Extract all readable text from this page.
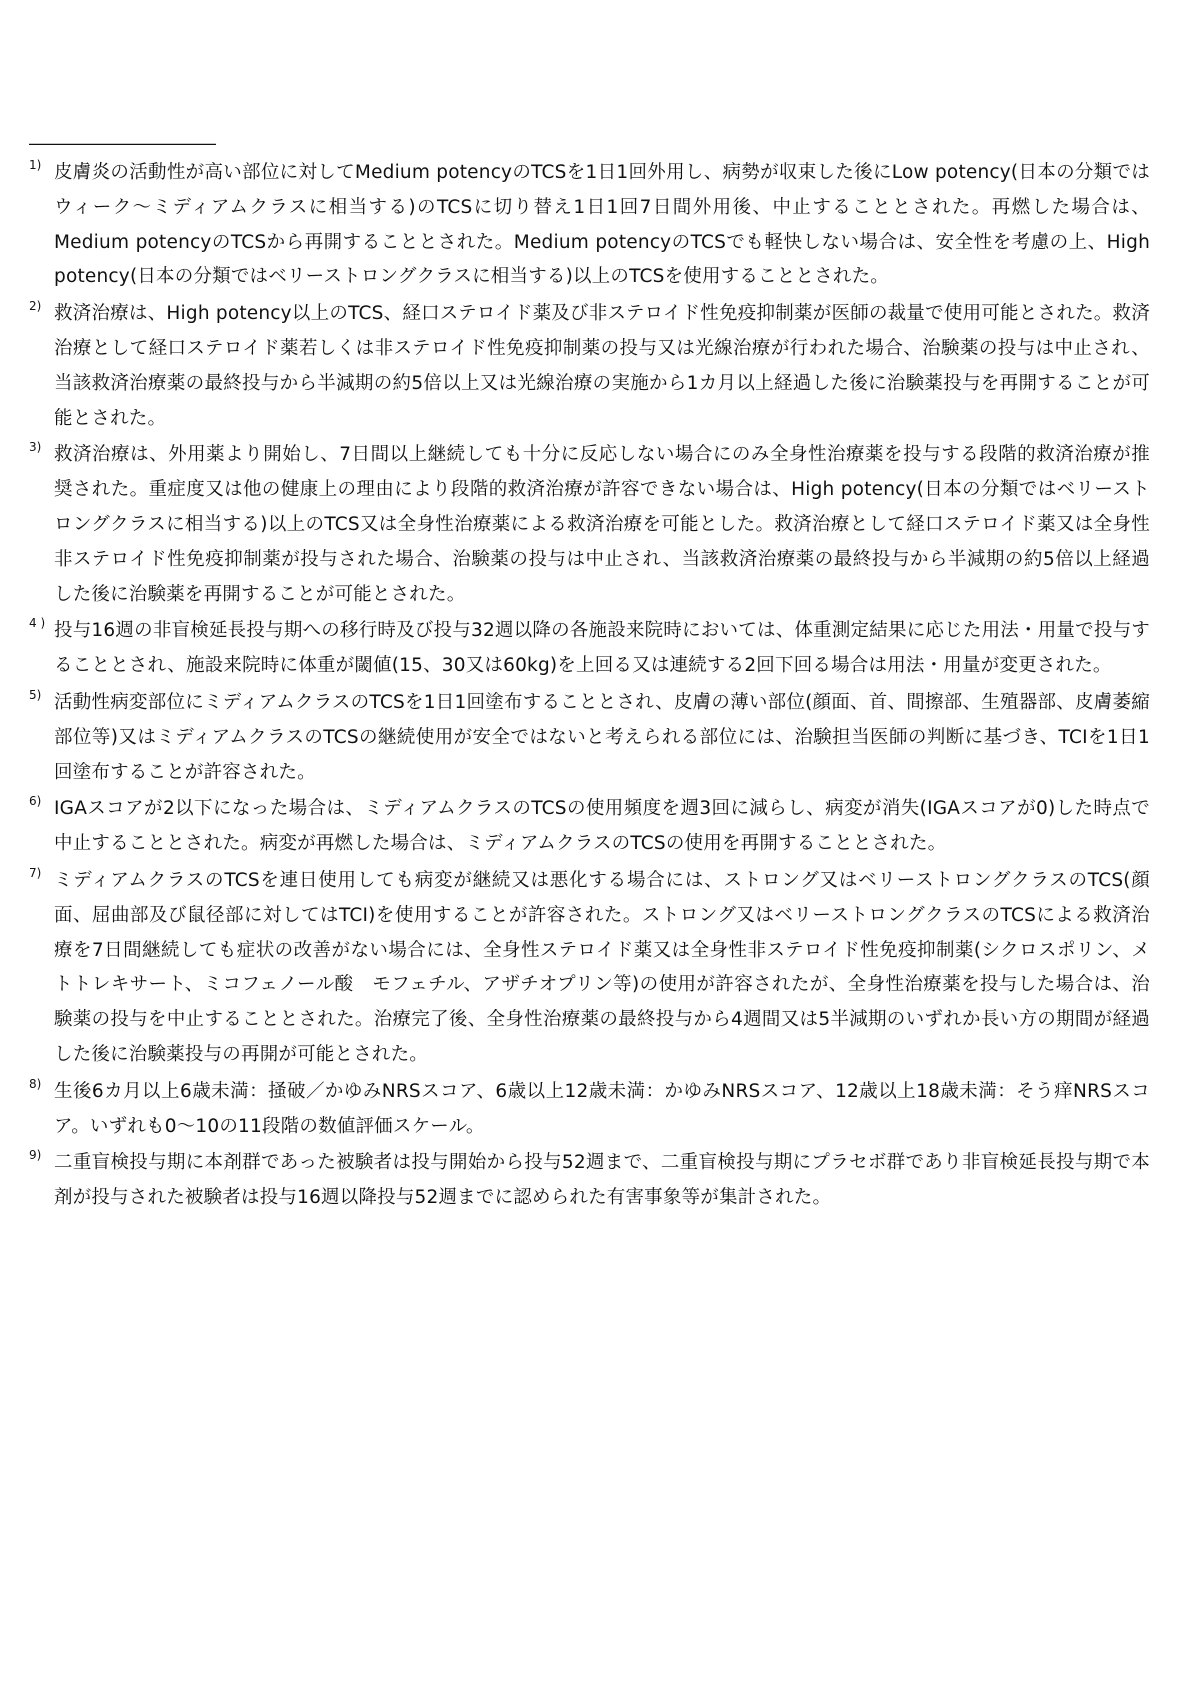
―――――――――――
1) 皮膚炎の活動性が高い部位に対してMedium potencyのTCSを1日1回外用し、病勢が収束した後にLow potency(日本の分類ではウィーク～ミディアムクラスに相当する)のTCSに切り替え1日1回7日間外用後、中止することとされた。再燃した場合は、Medium potencyのTCSから再開することとされた。Medium potencyのTCSでも軽快しない場合は、安全性を考慮の上、High potency(日本の分類ではベリーストロングクラスに相当する)以上のTCSを使用することとされた。
2) 救済治療は、High potency以上のTCS、経口ステロイド薬及び非ステロイド性免疫抑制薬が医師の裁量で使用可能とされた。救済治療として経口ステロイド薬若しくは非ステロイド性免疫抑制薬の投与又は光線治療が行われた場合、治験薬の投与は中止され、当該救済治療薬の最終投与から半減期の約5倍以上又は光線治療の実施から1カ月以上経過した後に治験薬投与を再開することが可能とされた。
3) 救済治療は、外用薬より開始し、7日間以上継続しても十分に反応しない場合にのみ全身性治療薬を投与する段階的救済治療が推奨された。重症度又は他の健康上の理由により段階的救済治療が許容できない場合は、High potency(日本の分類ではベリーストロングクラスに相当する)以上のTCS又は全身性治療薬による救済治療を可能とした。救済治療として経口ステロイド薬又は全身性非ステロイド性免疫抑制薬が投与された場合、治験薬の投与は中止され、当該救済治療薬の最終投与から半減期の約5倍以上経過した後に治験薬を再開することが可能とされた。
4 ) 投与16週の非盲検延長投与期への移行時及び投与32週以降の各施設来院時においては、体重測定結果に応じた用法・用量で投与することとされ、施設来院時に体重が閾値(15、30又は60kg)を上回る又は連続する2回下回る場合は用法・用量が変更された。
5) 活動性病変部位にミディアムクラスのTCSを1日1回塗布することとされ、皮膚の薄い部位(顔面、首、間擦部、生殖器部、皮膚萎縮部位等)又はミディアムクラスのTCSの継続使用が安全ではないと考えられる部位には、治験担当医師の判断に基づき、TCIを1日1回塗布することが許容された。
6) IGAスコアが2以下になった場合は、ミディアムクラスのTCSの使用頻度を週3回に減らし、病変が消失(IGAスコアが0)した時点で中止することとされた。病変が再燃した場合は、ミディアムクラスのTCSの使用を再開することとされた。
7) ミディアムクラスのTCSを連日使用しても病変が継続又は悪化する場合には、ストロング又はベリーストロングクラスのTCS(顔面、屈曲部及び鼠径部に対してはTCI)を使用することが許容された。ストロング又はベリーストロングクラスのTCSによる救済治療を7日間継続しても症状の改善がない場合には、全身性ステロイド薬又は全身性非ステロイド性免疫抑制薬(シクロスポリン、メトトレキサート、ミコフェノール酸　モフェチル、アザチオプリン等)の使用が許容されたが、全身性治療薬を投与した場合は、治験薬の投与を中止することとされた。治療完了後、全身性治療薬の最終投与から4週間又は5半減期のいずれか長い方の期間が経過した後に治験薬投与の再開が可能とされた。
8) 生後6カ月以上6歳未満：掻破／かゆみNRSスコア、6歳以上12歳未満：かゆみNRSスコア、12歳以上18歳未満：そう痒NRSスコア。いずれも0～10の11段階の数値評価スケール。
9) 二重盲検投与期に本剤群であった被験者は投与開始から投与52週まで、二重盲検投与期にプラセボ群であり非盲検延長投与期で本剤が投与された被験者は投与16週以降投与52週までに認められた有害事象等が集計された。
